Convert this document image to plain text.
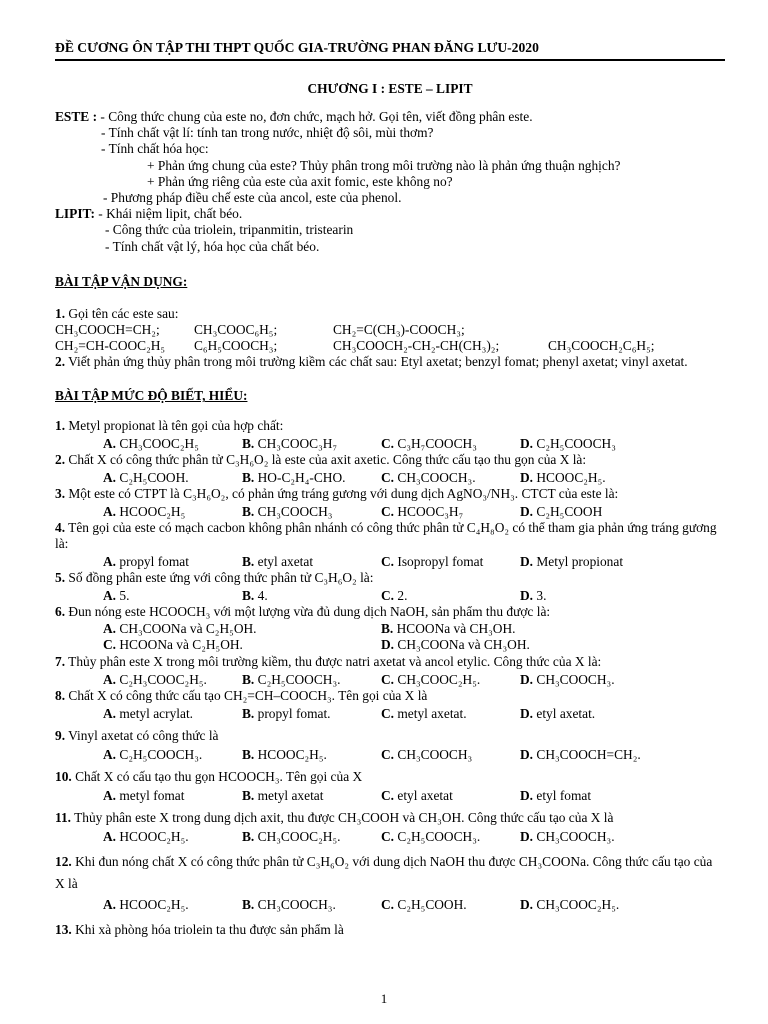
ĐỀ CƯƠNG ÔN TẬP THI THPT QUỐC GIA-TRƯỜNG PHAN ĐĂNG LƯU-2020
CHƯƠNG I : ESTE – LIPIT
ESTE : - Công thức chung của este no, đơn chức, mạch hở. Gọi tên, viết đồng phân este.
- Tính chất vật lí: tính tan trong nước, nhiệt độ sôi, mùi thơm?
- Tính chất hóa học:
+ Phản ứng chung của este? Thủy phân trong môi trường nào là phản ứng thuận nghịch?
+ Phản ứng riêng của este của axit fomic, este không no?
- Phương pháp điều chế este của ancol, este của phenol.
LIPIT: - Khái niệm lipit, chất béo.
- Công thức của triolein, tripanmitin, tristearin
- Tính chất vật lý, hóa học của chất béo.
BÀI TẬP VẬN DỤNG:
1. Gọi tên các este sau:
CH₃COOCH=CH₂;	CH₃COOC₆H₅;	CH₂=C(CH₃)-COOCH₃;
CH₂=CH-COOC₂H₅	C₆H₅COOCH₃;	CH₃COOCH₂-CH₂-CH(CH₃)₂;	CH₃COOCH₂C₆H₅;
2. Viết phản ứng thủy phân trong môi trường kiềm các chất sau: Etyl axetat; benzyl fomat; phenyl axetat; vinyl axetat.
BÀI TẬP MỨC ĐỘ BIẾT, HIỂU:
1. Metyl propionat là tên gọi của hợp chất:
A. CH₃COOC₂H₅	B. CH₃COOC₃H₇	C. C₃H₇COOCH₃	D. C₂H₅COOCH₃
2. Chất X có công thức phân tử C₃H₆O₂ là este của axit axetic. Công thức cấu tạo thu gọn của X là:
A. C₂H₅COOH.	B. HO-C₂H₄-CHO.	C. CH₃COOCH₃.	D. HCOOC₂H₅.
3. Một este có CTPT là C₃H₆O₂, có phản ứng tráng gương với dung dịch AgNO₃/NH₃. CTCT của este là:
A. HCOOC₂H₅	B. CH₃COOCH₃	C. HCOOC₃H₇	D. C₂H₅COOH
4. Tên gọi của este có mạch cacbon không phân nhánh có công thức phân tử C₄H₈O₂ có thể tham gia phản ứng tráng gương là:
A. propyl fomat	B. etyl axetat	C. Isopropyl fomat	D. Metyl propionat
5. Số đồng phân este ứng với công thức phân tử C₃H₆O₂ là:
A. 5.	B. 4.	C. 2.	D. 3.
6. Đun nóng este HCOOCH₃ với một lượng vừa đủ dung dịch NaOH, sản phẩm thu được là:
A. CH₃COONa và C₂H₅OH.	B. HCOONa và CH₃OH.
C. HCOONa và C₂H₅OH.	D. CH₃COONa và CH₃OH.
7. Thủy phân este X trong môi trường kiềm, thu được natri axetat và ancol etylic. Công thức của X là:
A. C₂H₃COOC₂H₅.	B. C₂H₅COOCH₃.	C. CH₃COOC₂H₅.	D. CH₃COOCH₃.
8. Chất X có công thức cấu tạo CH₂=CH–COOCH₃. Tên gọi của X là
A. metyl acrylat.	B. propyl fomat.	C. metyl axetat.	D. etyl axetat.
9. Vinyl axetat có công thức là
A. C₂H₅COOCH₃.	B. HCOOC₂H₅.	C. CH₃COOCH₃	D. CH₃COOCH=CH₂.
10. Chất X có cấu tạo thu gọn HCOOCH₃. Tên gọi của X
A. metyl fomat	B. metyl axetat	C. etyl axetat	D. etyl fomat
11. Thủy phân este X trong dung dịch axit, thu được CH₃COOH và CH₃OH. Công thức cấu tạo của X là
A. HCOOC₂H₅.	B. CH₃COOC₂H₅.	C. C₂H₅COOCH₃.	D. CH₃COOCH₃.
12. Khi đun nóng chất X có công thức phân tử C₃H₆O₂ với dung dịch NaOH thu được CH₃COONa. Công thức cấu tạo của X là
A. HCOOC₂H₅.	B. CH₃COOCH₃.	C. C₂H₅COOH.	D. CH₃COOC₂H₅.
13. Khi xà phòng hóa triolein ta thu được sản phẩm là
1
